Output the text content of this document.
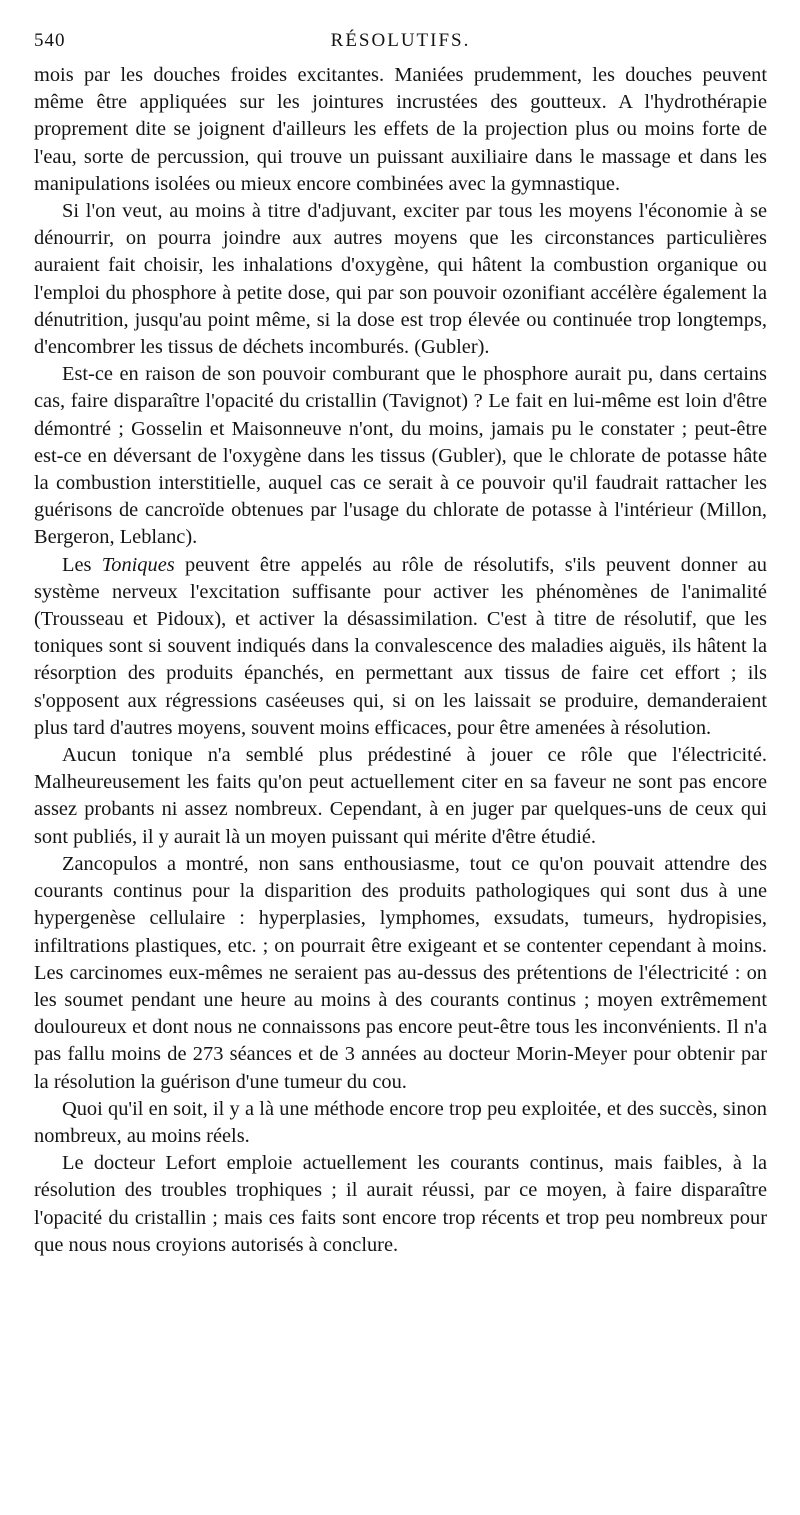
540	RÉSOLUTIFS.

mois par les douches froides excitantes. Maniées prudemment, les douches peuvent même être appliquées sur les jointures incrustées des goutteux. A l'hydrothérapie proprement dite se joignent d'ailleurs les effets de la projection plus ou moins forte de l'eau, sorte de percussion, qui trouve un puissant auxiliaire dans le massage et dans les manipulations isolées ou mieux encore combinées avec la gymnastique.

Si l'on veut, au moins à titre d'adjuvant, exciter par tous les moyens l'économie à se dénourrir, on pourra joindre aux autres moyens que les circonstances particulières auraient fait choisir, les inhalations d'oxygène, qui hâtent la combustion organique ou l'emploi du phosphore à petite dose, qui par son pouvoir ozonifiant accélère également la dénutrition, jusqu'au point même, si la dose est trop élevée ou continuée trop longtemps, d'encombrer les tissus de déchets incomburés. (Gubler).

Est-ce en raison de son pouvoir comburant que le phosphore aurait pu, dans certains cas, faire disparaître l'opacité du cristallin (Tavignot) ? Le fait en lui-même est loin d'être démontré ; Gosselin et Maisonneuve n'ont, du moins, jamais pu le constater ; peut-être est-ce en déversant de l'oxygène dans les tissus (Gubler), que le chlorate de potasse hâte la combustion interstitielle, auquel cas ce serait à ce pouvoir qu'il faudrait rattacher les guérisons de cancroïde obtenues par l'usage du chlorate de potasse à l'intérieur (Millon, Bergeron, Leblanc).

Les Toniques peuvent être appelés au rôle de résolutifs, s'ils peuvent donner au système nerveux l'excitation suffisante pour activer les phénomènes de l'animalité (Trousseau et Pidoux), et activer la désassimilation. C'est à titre de résolutif, que les toniques sont si souvent indiqués dans la convalescence des maladies aiguës, ils hâtent la résorption des produits épanchés, en permettant aux tissus de faire cet effort ; ils s'opposent aux régressions caséeuses qui, si on les laissait se produire, demanderaient plus tard d'autres moyens, souvent moins efficaces, pour être amenées à résolution.

Aucun tonique n'a semblé plus prédestiné à jouer ce rôle que l'électricité. Malheureusement les faits qu'on peut actuellement citer en sa faveur ne sont pas encore assez probants ni assez nombreux. Cependant, à en juger par quelques-uns de ceux qui sont publiés, il y aurait là un moyen puissant qui mérite d'être étudié.

Zancopulos a montré, non sans enthousiasme, tout ce qu'on pouvait attendre des courants continus pour la disparition des produits pathologiques qui sont dus à une hypergenèse cellulaire : hyperplasies, lymphomes, exsudats, tumeurs, hydropisies, infiltrations plastiques, etc. ; on pourrait être exigeant et se contenter cependant à moins. Les carcinomes eux-mêmes ne seraient pas au-dessus des prétentions de l'électricité : on les soumet pendant une heure au moins à des courants continus ; moyen extrêmement douloureux et dont nous ne connaissons pas encore peut-être tous les inconvénients. Il n'a pas fallu moins de 273 séances et de 3 années au docteur Morin-Meyer pour obtenir par la résolution la guérison d'une tumeur du cou.

Quoi qu'il en soit, il y a là une méthode encore trop peu exploitée, et des succès, sinon nombreux, au moins réels.

Le docteur Lefort emploie actuellement les courants continus, mais faibles, à la résolution des troubles trophiques ; il aurait réussi, par ce moyen, à faire disparaître l'opacité du cristallin ; mais ces faits sont encore trop récents et trop peu nombreux pour que nous nous croyions autorisés à conclure.
